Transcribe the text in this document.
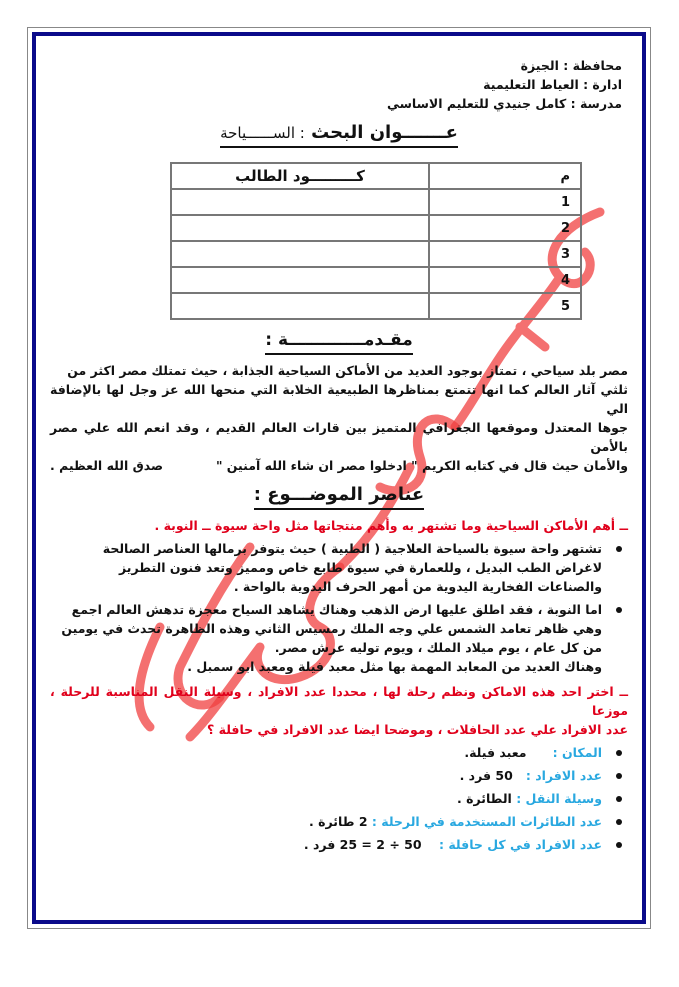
محافظة : الجيزة
ادارة : العياط التعليمية
مدرسة : كامل جنيدي للتعليم الاساسي
عـــــــوان البحث : الســــــياحة
م	كـــــــــود الطالب
1	
2	
3	
4	
5	
مقـدمـــــــــــــة :
مصر بلد سياحي ، تمتاز بوجود العديد من الأماكن السياحية الجذابة ، حيث تمتلك مصر اكثر من
ثلثي آثار العالم كما انها تتمتع بمناظرها الطبيعية الخلابة التي منحها الله عز وجل لها بالإضافة الي
جوها المعتدل وموقعها الجغرافي المتميز بين قارات العالم القديم ، وقد انعم الله علي مصر بالأمن
والأمان حيث قال في كتابه الكريم " ادخلوا مصر ان شاء الله آمنين "
صدق الله العظيم .
عناصر الموضـــوع :
ــ أهم الأماكن السياحية وما تشتهر به وأهم منتجاتها مثل واحة سيوة ــ النوبة .
تشتهر واحة سيوة بالسياحة العلاجية ( الطبية ) حيث يتوفر برمالها العناصر الصالحة
لاغراض الطب البديل ، وللعمارة في سيوة طابع خاص ومميز وتعد فنون التطريز
والصناعات الفخارية اليدوية من أمهر الحرف اليدوية بالواحة .
اما النوبة ، فقد اطلق عليها ارض الذهب وهناك يشاهد السياح معجزة تدهش العالم اجمع
وهي ظاهر تعامد الشمس علي وجه الملك رمسيس الثاني وهذه الظاهرة تحدث في يومين
من كل عام ، يوم ميلاد الملك ، ويوم توليه عرش مصر.
وهناك العديد من المعابد المهمة بها مثل معبد فيلة ومعبد ابو سمبل .
ــ اختر احد هذه الاماكن ونظم رحلة لها ، محددا عدد الافراد ، وسيلة النقل المناسبة للرحلة ، موزعا
عدد الافراد علي عدد الحافلات ، وموضحا ايضا عدد الافراد في حافلة ؟
المكان :      معبد فيلة.
عدد الافراد :   50 فرد .
وسيلة النقل : الطائرة .
عدد الطائرات المستخدمة في الرحلة : 2 طائرة .
عدد الافراد في كل حافلة :    50 ÷ 2 = 25 فرد .
